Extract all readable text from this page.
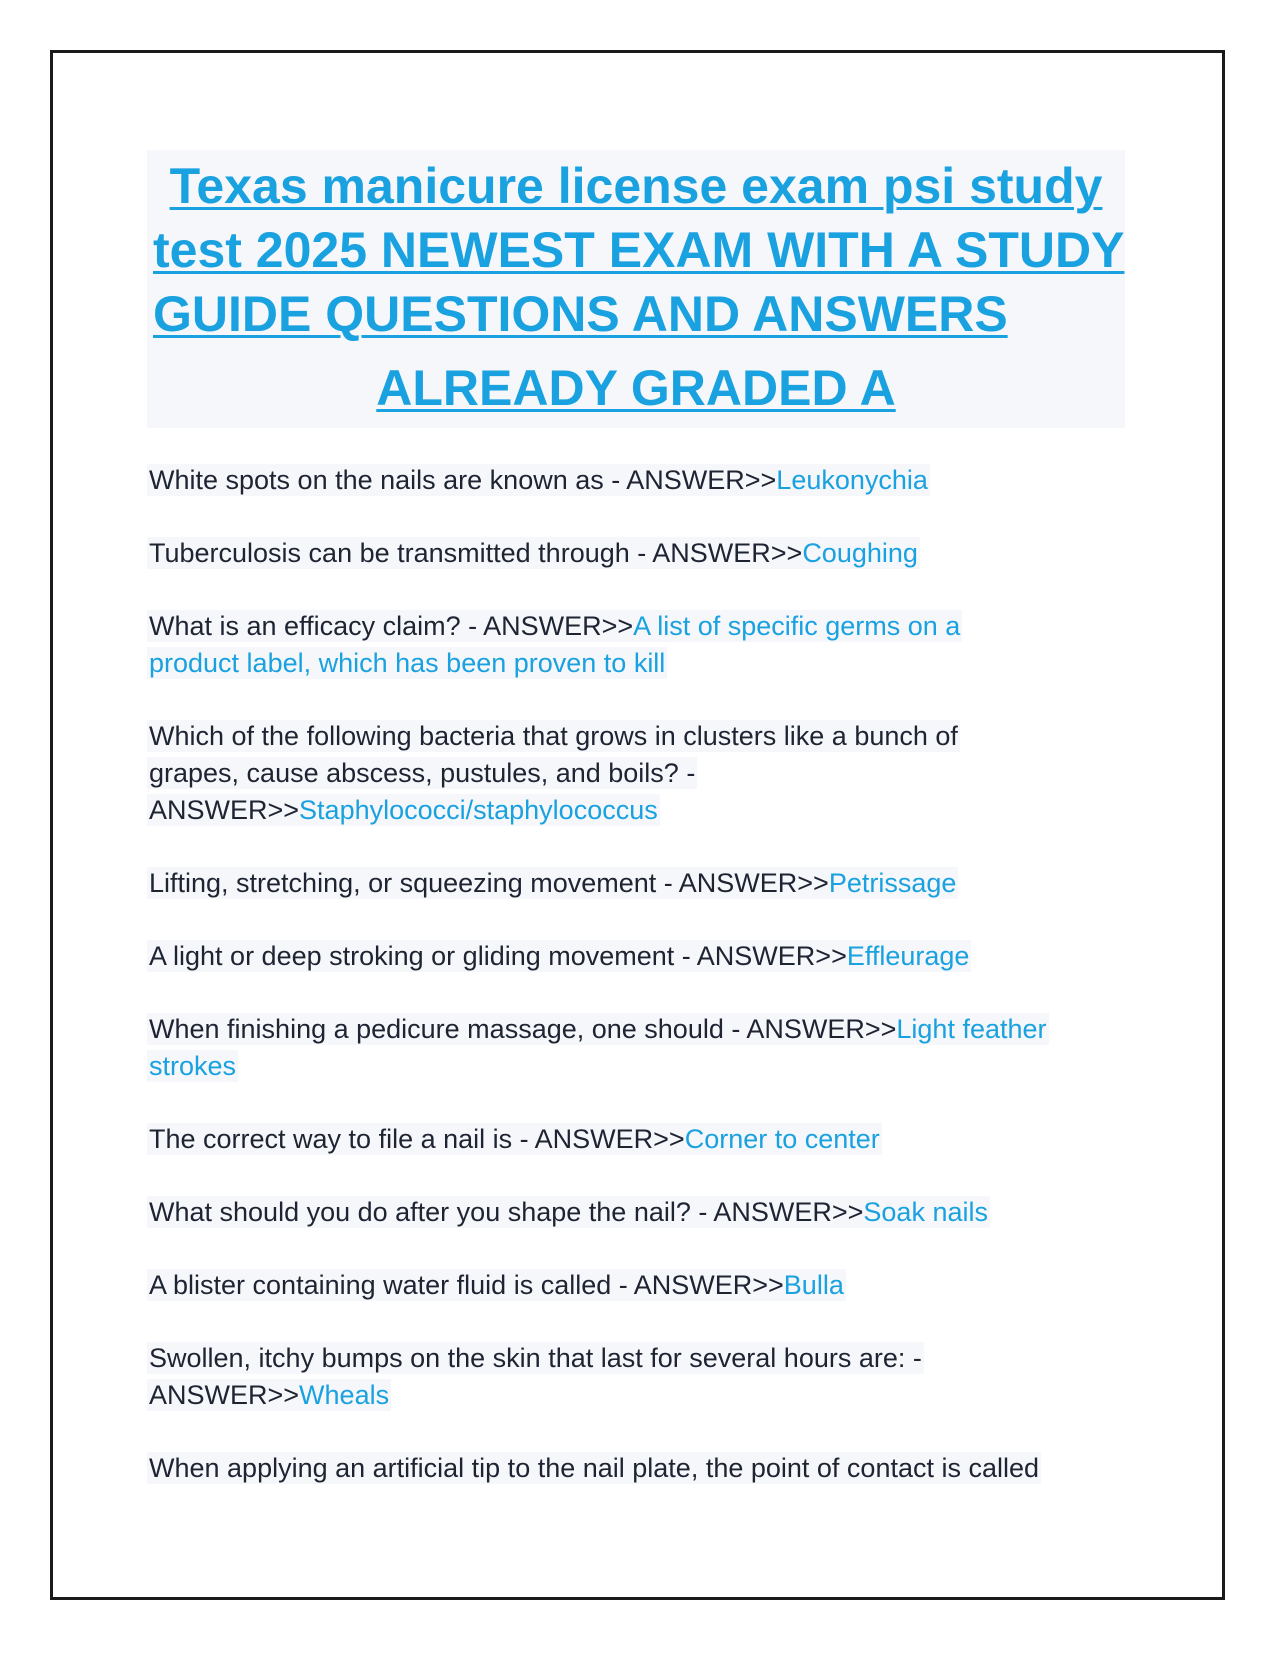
Texas manicure license exam psi study
test 2025 NEWEST EXAM WITH A STUDY
GUIDE QUESTIONS AND ANSWERS
ALREADY GRADED A
White spots on the nails are known as - ANSWER>>Leukonychia
Tuberculosis can be transmitted through - ANSWER>>Coughing
What is an efficacy claim? - ANSWER>>A list of specific germs on a
product label, which has been proven to kill
Which of the following bacteria that grows in clusters like a bunch of
grapes, cause abscess, pustules, and boils? -
ANSWER>>Staphylococci/staphylococcus
Lifting, stretching, or squeezing movement - ANSWER>>Petrissage
A light or deep stroking or gliding movement - ANSWER>>Effleurage
When finishing a pedicure massage, one should - ANSWER>>Light feather
strokes
The correct way to file a nail is - ANSWER>>Corner to center
What should you do after you shape the nail? - ANSWER>>Soak nails
A blister containing water fluid is called - ANSWER>>Bulla
Swollen, itchy bumps on the skin that last for several hours are: -
ANSWER>>Wheals
When applying an artificial tip to the nail plate, the point of contact is called
